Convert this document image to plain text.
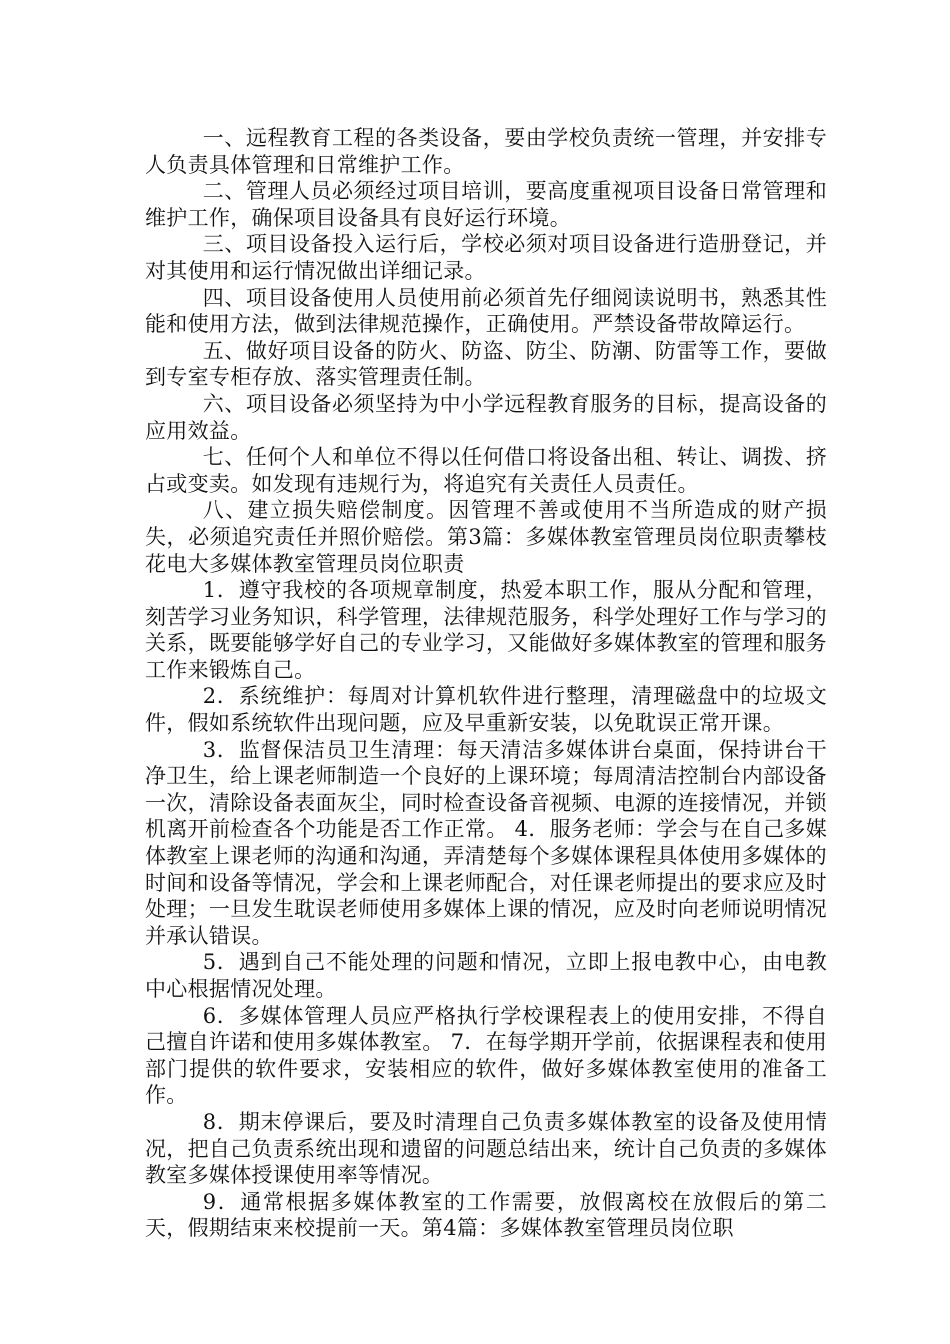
一、远程教育工程的各类设备，要由学校负责统一管理，并安排专人负责具体管理和日常维护工作。

二、管理人员必须经过项目培训，要高度重视项目设备日常管理和维护工作，确保项目设备具有良好运行环境。

三、项目设备投入运行后，学校必须对项目设备进行造册登记，并对其使用和运行情况做出详细记录。

四、项目设备使用人员使用前必须首先仔细阅读说明书，熟悉其性能和使用方法，做到法律规范操作，正确使用。严禁设备带故障运行。

五、做好项目设备的防火、防盗、防尘、防潮、防雷等工作，要做到专室专柜存放、落实管理责任制。

六、项目设备必须坚持为中小学远程教育服务的目标，提高设备的应用效益。

七、任何个人和单位不得以任何借口将设备出租、转让、调拨、挤占或变卖。如发现有违规行为，将追究有关责任人员责任。

八、建立损失赔偿制度。因管理不善或使用不当所造成的财产损失，必须追究责任并照价赔偿。第3篇：多媒体教室管理员岗位职责攀枝花电大多媒体教室管理员岗位职责

1．遵守我校的各项规章制度，热爱本职工作，服从分配和管理，刻苦学习业务知识，科学管理，法律规范服务，科学处理好工作与学习的关系，既要能够学好自己的专业学习，又能做好多媒体教室的管理和服务工作来锻炼自己。

2．系统维护：每周对计算机软件进行整理，清理磁盘中的垃圾文件，假如系统软件出现问题，应及早重新安装，以免耽误正常开课。

3．监督保洁员卫生清理：每天清洁多媒体讲台桌面，保持讲台干净卫生，给上课老师制造一个良好的上课环境；每周清洁控制台内部设备一次，清除设备表面灰尘，同时检查设备音视频、电源的连接情况，并锁机离开前检查各个功能是否工作正常。 4．服务老师：学会与在自己多媒体教室上课老师的沟通和沟通，弄清楚每个多媒体课程具体使用多媒体的时间和设备等情况，学会和上课老师配合，对任课老师提出的要求应及时处理；一旦发生耽误老师使用多媒体上课的情况，应及时向老师说明情况并承认错误。

5．遇到自己不能处理的问题和情况，立即上报电教中心，由电教中心根据情况处理。

6．多媒体管理人员应严格执行学校课程表上的使用安排，不得自己擅自许诺和使用多媒体教室。 7．在每学期开学前，依据课程表和使用部门提供的软件要求，安装相应的软件，做好多媒体教室使用的准备工作。

8．期末停课后，要及时清理自己负责多媒体教室的设备及使用情况，把自己负责系统出现和遗留的问题总结出来，统计自己负责的多媒体教室多媒体授课使用率等情况。

9．通常根据多媒体教室的工作需要，放假离校在放假后的第二天，假期结束来校提前一天。第4篇：多媒体教室管理员岗位职
